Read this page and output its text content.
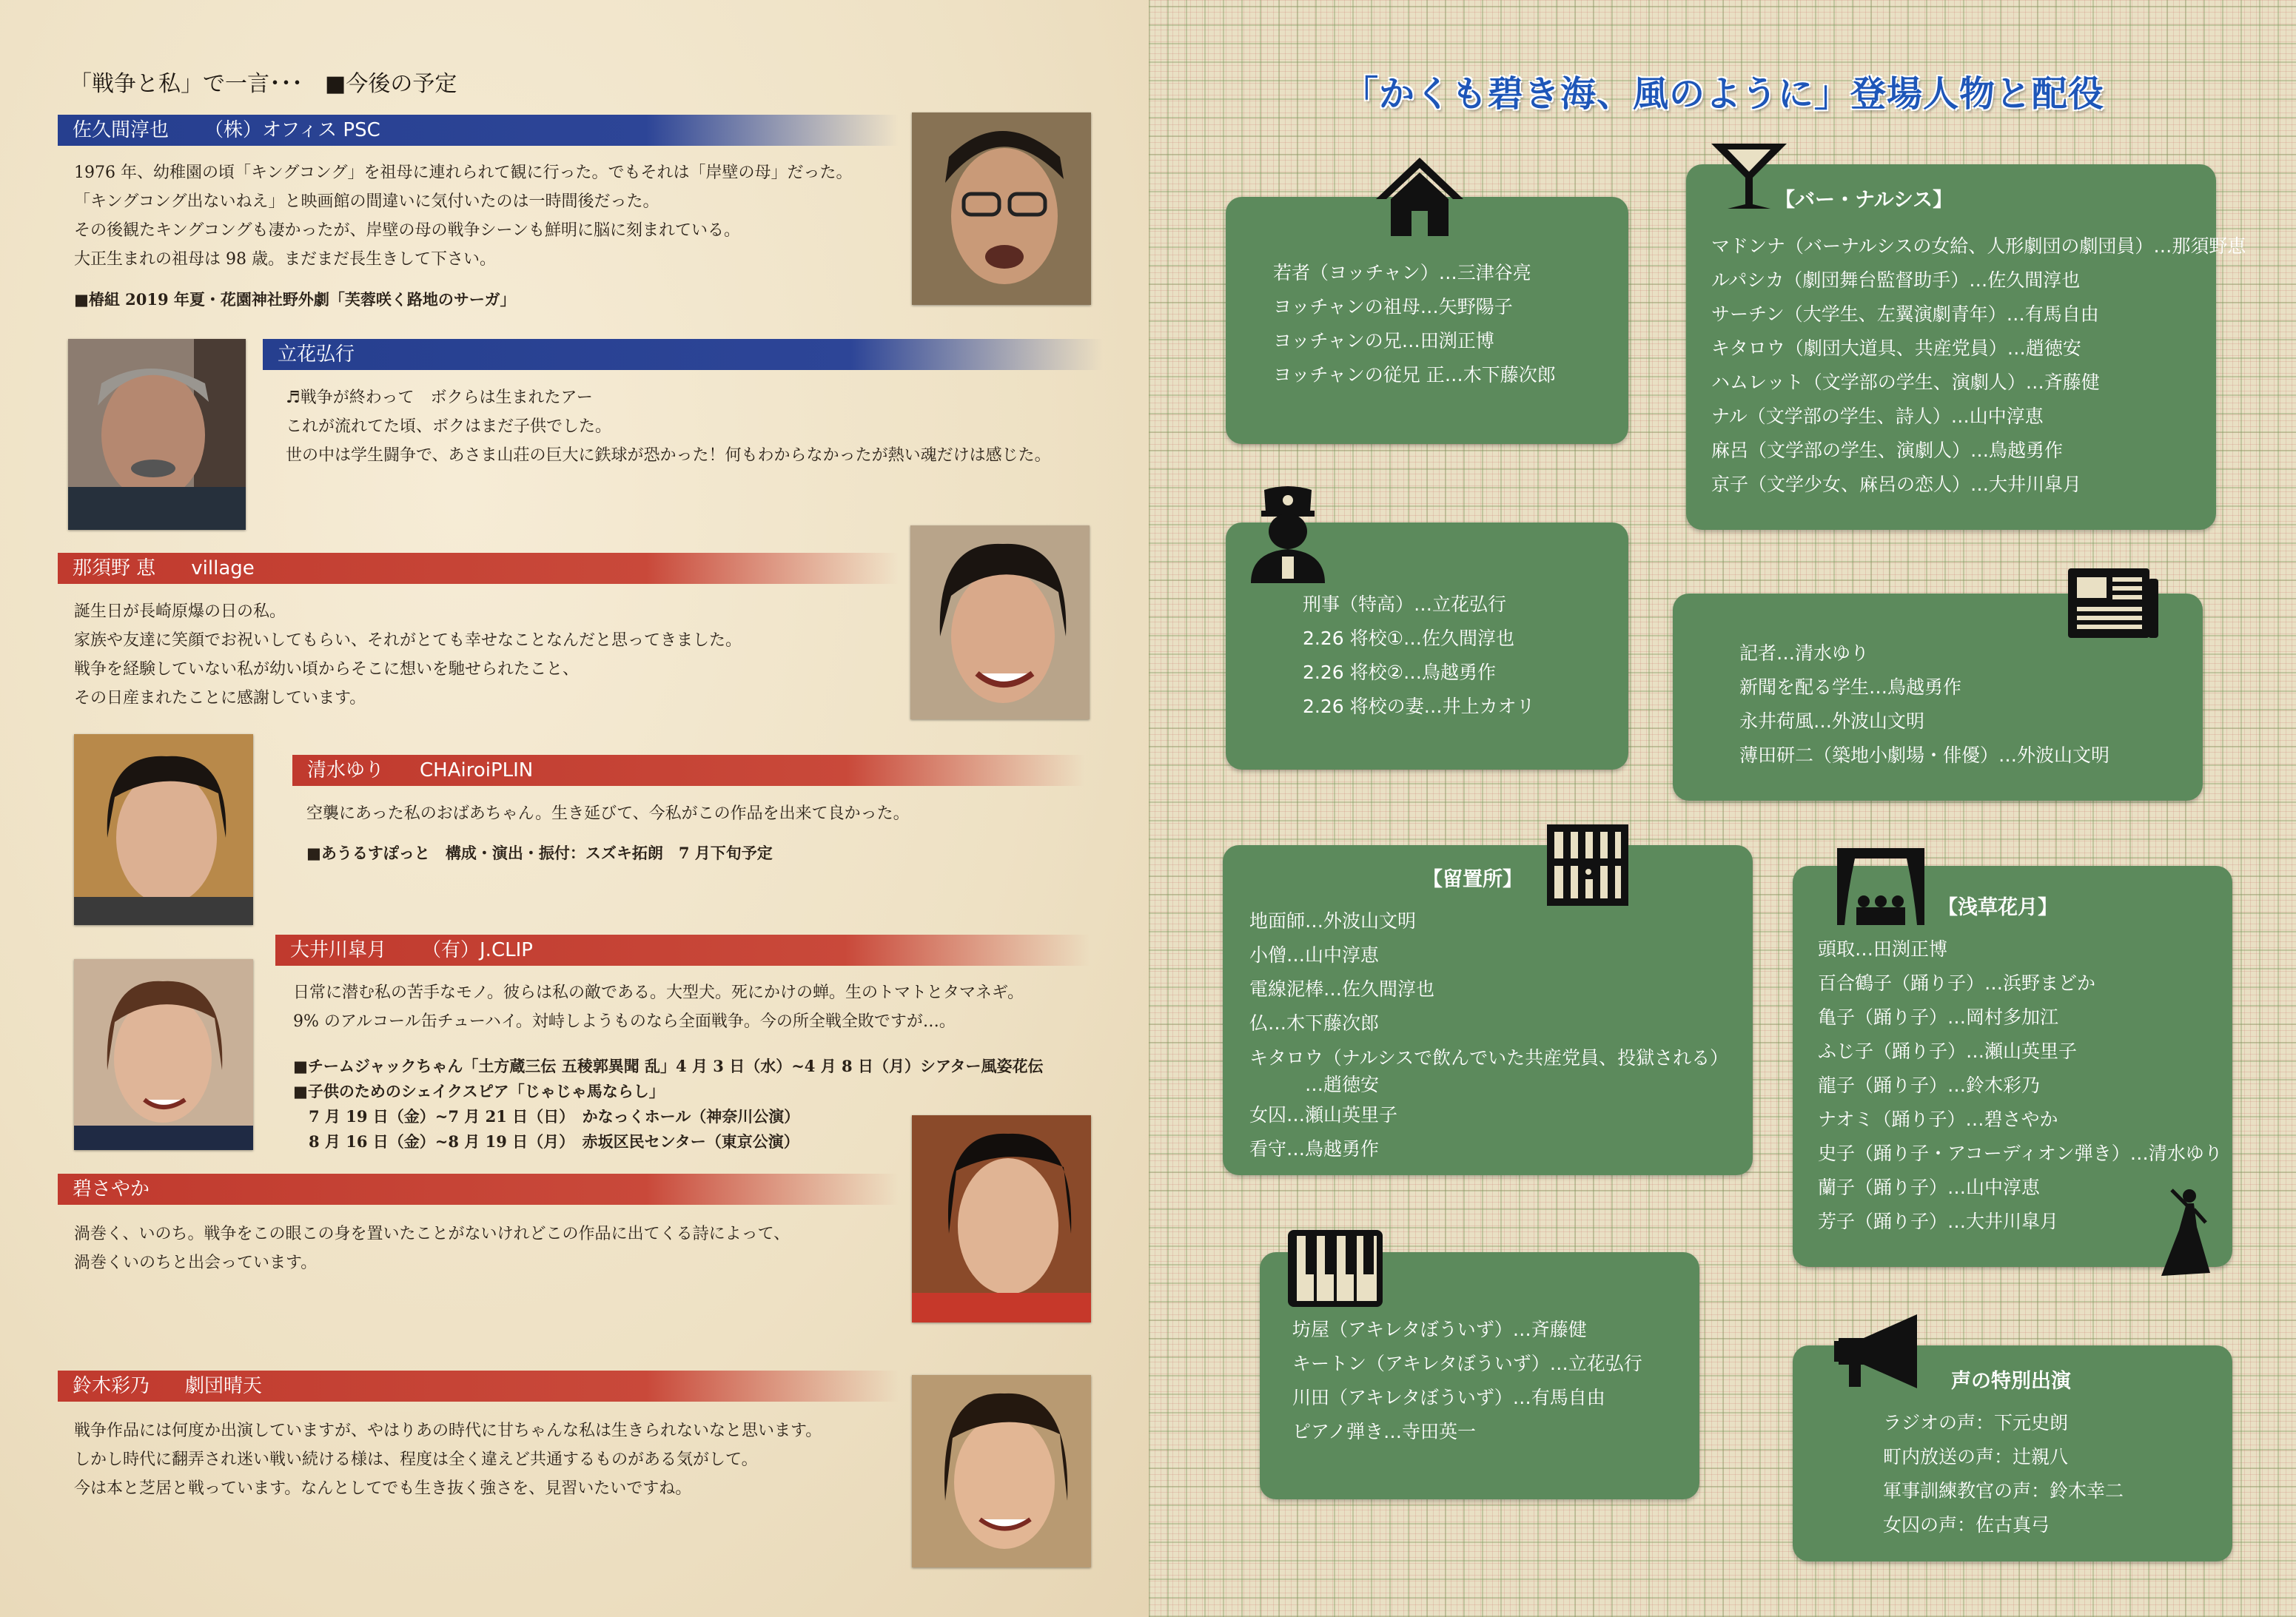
「戦争と私」で一言･･･　■今後の予定
佐久間淳也 （株）オフィス PSC

1976 年、幼稚園の頃「キングコング」を祖母に連れられて観に行った。でもそれは「岸壁の母」だった。

「キングコング出ないねえ」と映画館の間違いに気付いたのは一時間後だった。

その後観たキングコングも凄かったが、岸壁の母の戦争シーンも鮮明に脳に刻まれている。

大正生まれの祖母は 98 歳。まだまだ長生きして下さい。

■椿組 2019 年夏・花園神社野外劇「芙蓉咲く路地のサーガ」
立花弘行

♬戦争が終わって　ボクらは生まれたアー

これが流れてた頃、ボクはまだ子供でした。

世の中は学生闘争で、あさま山荘の巨大に鉄球が恐かった！何もわからなかったが熱い魂だけは感じた。

那須野 恵 village

誕生日が長崎原爆の日の私。

家族や友達に笑顔でお祝いしてもらい、それがとても幸せなことなんだと思ってきました。

戦争を経験していない私が幼い頃からそこに想いを馳せられたこと、

その日産まれたことに感謝しています。

清水ゆり CHAiroiPLIN

空襲にあった私のおばあちゃん。生き延びて、今私がこの作品を出来て良かった。

■あうるすぽっと　構成・演出・振付：スズキ拓朗　7 月下旬予定
大井川皐月 （有）J.CLIP

日常に潜む私の苦手なモノ。彼らは私の敵である。大型犬。死にかけの蝉。生のトマトとタマネギ。

9% のアルコール缶チューハイ。対峙しようものなら全面戦争。今の所全戦全敗ですが…。

■チームジャックちゃん「土方蔵三伝 五稜郭異聞 乱」4 月 3 日（水）~4 月 8 日（月）シアター風姿花伝
■子供のためのシェイクスピア「じゃじゃ馬ならし」
　7 月 19 日（金）~7 月 21 日（日）　かなっくホール（神奈川公演）
　8 月 16 日（金）~8 月 19 日（月）　赤坂区民センター（東京公演）
碧さやか

渦巻く、いのち。戦争をこの眼この身を置いたことがないけれどこの作品に出てくる詩によって、

渦巻くいのちと出会っています。

鈴木彩乃 劇団晴天

戦争作品には何度か出演していますが、やはりあの時代に甘ちゃんな私は生きられないなと思います。

しかし時代に翻弄され迷い戦い続ける様は、程度は全く違えど共通するものがある気がして。

今は本と芝居と戦っています。なんとしてでも生き抜く強さを、見習いたいですね。

「かくも碧き海、風のように」登場人物と配役
若者（ヨッチャン）…三津谷亮
ヨッチャンの祖母…矢野陽子
ヨッチャンの兄…田渕正博
ヨッチャンの従兄 正…木下藤次郎
【バー・ナルシス】
マドンナ（バーナルシスの女給、人形劇団の劇団員）…那須野恵
ルパシカ（劇団舞台監督助手）…佐久間淳也
サーチン（大学生、左翼演劇青年）…有馬自由
キタロウ（劇団大道具、共産党員）…趙徳安
ハムレット（文学部の学生、演劇人）…斉藤健
ナル（文学部の学生、詩人）…山中淳恵
麻呂（文学部の学生、演劇人）…鳥越勇作
京子（文学少女、麻呂の恋人）…大井川皐月
刑事（特高）…立花弘行
2.26 将校①…佐久間淳也
2.26 将校②…鳥越勇作
2.26 将校の妻…井上カオリ
記者…清水ゆり
新聞を配る学生…鳥越勇作
永井荷風…外波山文明
薄田研二（築地小劇場・俳優）…外波山文明
【留置所】
地面師…外波山文明
小僧…山中淳恵
電線泥棒…佐久間淳也
仏…木下藤次郎
キタロウ（ナルシスで飲んでいた共産党員、投獄される）
　　　…趙徳安
女囚…瀬山英里子
看守…鳥越勇作
【浅草花月】
頭取…田渕正博
百合鶴子（踊り子）…浜野まどか
亀子（踊り子）…岡村多加江
ふじ子（踊り子）…瀬山英里子
龍子（踊り子）…鈴木彩乃
ナオミ（踊り子）…碧さやか
史子（踊り子・アコーディオン弾き）…清水ゆり
蘭子（踊り子）…山中淳恵
芳子（踊り子）…大井川皐月
坊屋（アキレタぼういず）…斉藤健
キートン（アキレタぼういず）…立花弘行
川田（アキレタぼういず）…有馬自由
ピアノ弾き…寺田英一
声の特別出演
ラジオの声：下元史朗
町内放送の声：辻親八
軍事訓練教官の声：鈴木幸二
女囚の声：佐古真弓
